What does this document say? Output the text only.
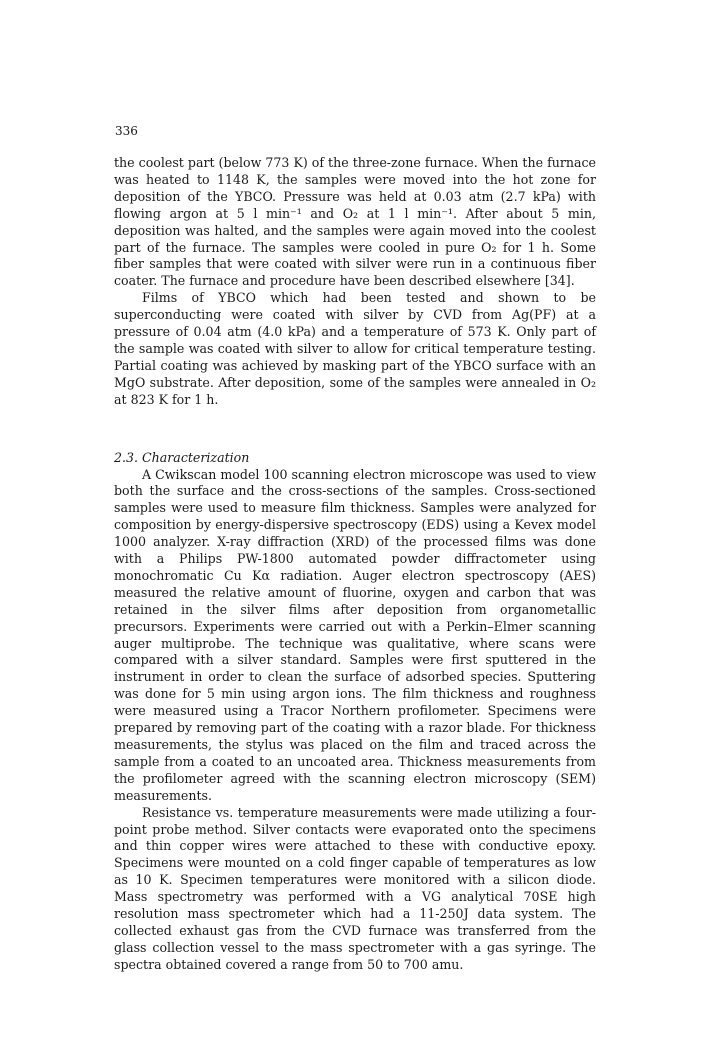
336

the coolest part (below 773 K) of the three-zone furnace. When the furnace was heated to 1148 K, the samples were moved into the hot zone for deposition of the YBCO. Pressure was held at 0.03 atm (2.7 kPa) with flowing argon at 5 l min⁻¹ and O₂ at 1 l min⁻¹. After about 5 min, deposition was halted, and the samples were again moved into the coolest part of the furnace. The samples were cooled in pure O₂ for 1 h. Some fiber samples that were coated with silver were run in a continuous fiber coater. The furnace and procedure have been described elsewhere [34].

Films of YBCO which had been tested and shown to be superconducting were coated with silver by CVD from Ag(PF) at a pressure of 0.04 atm (4.0 kPa) and a temperature of 573 K. Only part of the sample was coated with silver to allow for critical temperature testing. Partial coating was achieved by masking part of the YBCO surface with an MgO substrate. After deposition, some of the samples were annealed in O₂ at 823 K for 1 h.

2.3. Characterization

A Cwikscan model 100 scanning electron microscope was used to view both the surface and the cross-sections of the samples. Cross-sectioned samples were used to measure film thickness. Samples were analyzed for composition by energy-dispersive spectroscopy (EDS) using a Kevex model 1000 analyzer. X-ray diffraction (XRD) of the processed films was done with a Philips PW-1800 automated powder diffractometer using monochromatic Cu Kα radiation. Auger electron spectroscopy (AES) measured the relative amount of fluorine, oxygen and carbon that was retained in the silver films after deposition from organometallic precursors. Experiments were carried out with a Perkin–Elmer scanning auger multiprobe. The technique was qualitative, where scans were compared with a silver standard. Samples were first sputtered in the instrument in order to clean the surface of adsorbed species. Sputtering was done for 5 min using argon ions. The film thickness and roughness were measured using a Tracor Northern profilometer. Specimens were prepared by removing part of the coating with a razor blade. For thickness measurements, the stylus was placed on the film and traced across the sample from a coated to an uncoated area. Thickness measurements from the profilometer agreed with the scanning electron microscopy (SEM) measurements.

Resistance vs. temperature measurements were made utilizing a four-point probe method. Silver contacts were evaporated onto the specimens and thin copper wires were attached to these with conductive epoxy. Specimens were mounted on a cold finger capable of temperatures as low as 10 K. Specimen temperatures were monitored with a silicon diode. Mass spectrometry was performed with a VG analytical 70SE high resolution mass spectrometer which had a 11-250J data system. The collected exhaust gas from the CVD furnace was transferred from the glass collection vessel to the mass spectrometer with a gas syringe. The spectra obtained covered a range from 50 to 700 amu.
